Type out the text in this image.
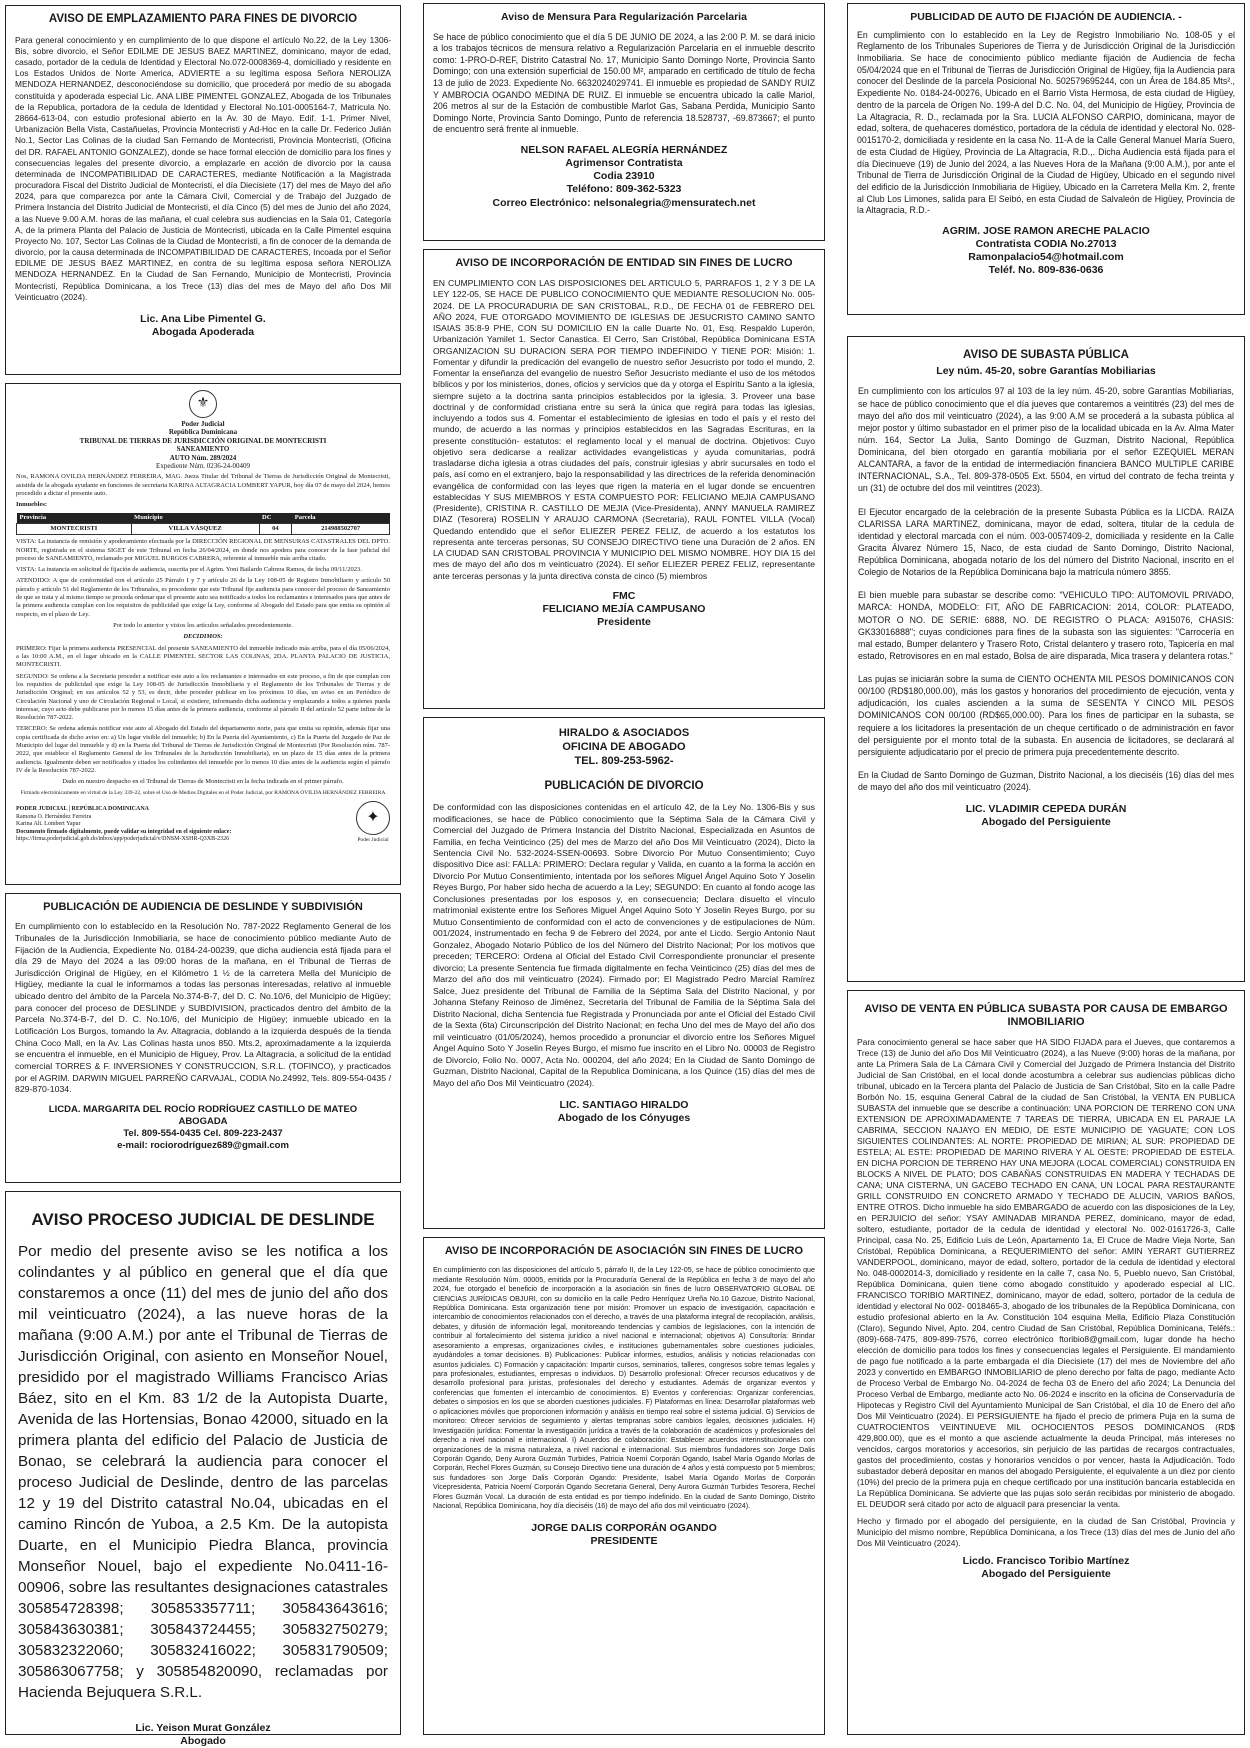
AVISO DE EMPLAZAMIENTO PARA FINES DE DIVORCIO

Para general conocimiento y en cumplimiento de lo que dispone el artículo No.22, de la Ley 1306-Bis, sobre divorcio, el Señor EDILME DE JESUS BAEZ MARTINEZ, dominicano, mayor de edad, casado, portador de la cedula de Identidad y Electoral No.072-0008369-4, domiciliado y residente en Los Estados Unidos de Norte America, ADVIERTE a su legítima esposa Señora NEROLIZA MENDOZA HERNANDEZ, desconociéndose su domicilio, que procederá por medio de su abogada constituida y apoderada especial Lic. ANA LIBE PIMENTEL GONZALEZ, Abogada de los Tribunales de la Republica, portadora de la cedula de Identidad y Electoral No.101-0005164-7, Matricula No. 28664-613-04, con estudio profesional abierto en la Av. 30 de Mayo. Edif. 1-1. Primer Nivel, Urbanización Bella Vista, Castañuelas, Provincia Montecristi y Ad-Hoc en la calle Dr. Federico Julián No.1, Sector Las Colinas de la ciudad San Fernando de Montecristi, Provincia Montecristi, (Oficina del DR. RAFAEL ANTONIO GONZALEZ), donde se hace formal elección de domicilio para los fines y consecuencias legales del presente divorcio, a emplazarle en acción de divorcio por la causa determinada de INCOMPATIBILIDAD DE CARACTERES, mediante Notificación a la Magistrada procuradora Fiscal del Distrito Judicial de Montecristi, el día Diecisiete (17) del mes de Mayo del año 2024, para que comparezca por ante la Cámara Civil, Comercial y de Trabajo del Juzgado de Primera Instancia del Distrito Judicial de Montecristi, el día Cinco (5) del mes de Junio del año 2024, a las Nueve 9.00 A.M. horas de las mañana, el cual celebra sus audiencias en la Sala 01, Categoría A, de la primera Planta del Palacio de Justicia de Montecristi, ubicada en la Calle Pimentel esquina Proyecto No. 107, Sector Las Colinas de la Ciudad de Montecristi, a fin de conocer de la demanda de divorcio, por la causa determinada de INCOMPATIBILIDAD DE CARACTERES, Incoada por el Señor EDILME DE JESUS BAEZ MARTINEZ, en contra de su legítima esposa señora NEROLIZA MENDOZA HERNANDEZ. En la Ciudad de San Fernando, Municipio de Montecristi, Provincia Montecristi, República Dominicana, a los Trece (13) días del mes de Mayo del año Dos Mil Veinticuatro (2024).

Lic. Ana Libe Pimentel G.
Abogada Apoderada
⚜
Poder Judicial
República Dominicana
TRIBUNAL DE TIERRAS DE JURISDICCIÓN ORIGINAL DE MONTECRISTI
SANEAMIENTO
AUTO Núm. 289/2024
Expediente Núm. 0236-24-00409

Nos, RAMONA OVILDA HERNÁNDEZ FERREIRA, MAG. Jueza Titular del Tribunal de Tierras de Jurisdicción Original de Montecristi, asistida de la abogada ayudante en funciones de secretaria KARINA ALTAGRACIA LOMBERT YAPUR, hoy día 07 de mayo del 2024, hemos procedido a dictar el presente auto.

Inmuebles:

Provincia	Municipio	DC	Parcela
MONTECRISTI	VILLA VÁSQUEZ	04	214988502707

VISTA: La instancia de remisión y apoderamiento efectuada por la DIRECCIÓN REGIONAL DE MENSURAS CATASTRALES DEL DPTO. NORTE, registrada en el sistema SIGET de este Tribunal en fecha 26/04/2024, en donde nos apodera para conocer de la fase judicial del proceso de SANEAMIENTO, reclamado por MIGUEL BURGOS CABRERA, referente al inmueble más arriba citado.

VISTA: La instancia en solicitud de fijación de audiencia, suscrita por el Agrim. Yoni Bailardo Cabrera Ramos, de fecha 09/11/2023.

ATENDIDO: A que de conformidad con el artículo 25 Párrafo I y 7 y artículo 26 de la Ley 108-05 de Registro Inmobiliario y artículo 50 párrafo y artículo 51 del Reglamento de los Tribunales, es procedente que este Tribunal fije audiencia para conocer del proceso de Saneamiento de que se trata y al mismo tiempo se proceda ordenar que el presente auto sea notificado a todos los reclamantes e interesados para que antes de la primera audiencia cumplan con los requisitos de publicidad que exige la Ley, conforme al Abogado del Estado para que emita su opinión al respecto, en el plazo de Ley.

Por todo lo anterior y vistos los artículos señalados precedentemente.

DECIDIMOS:

PRIMERO: Fijar la primera audiencia PRESENCIAL del presente SANEAMIENTO del inmueble indicado más arriba, para el día 05/06/2024, a las 10:00 A.M., en el lugar ubicado en la CALLE PIMENTEL SECTOR LAS COLINAS, 2DA. PLANTA PALACIO DE JUSTICIA, MONTECRISTI.

SEGUNDO: Se ordena a la Secretaria proceder a notificar este auto a los reclamantes e interesados en este proceso, a fin de que cumplan con los requisitos de publicidad que exige la Ley 108-05 de Jurisdicción Inmobiliaria y el Reglamento de los Tribunales de Tierras y de Jurisdicción Original; en sus artículos 52 y 53, es decir, debe proceder publicar en los próximos 10 días, un aviso en un Periódico de Circulación Nacional y uno de Circulación Regional o Local, si existiere, informando dicha audiencia y emplazando a todos a quienes pueda interesar, cuyo acto debe publicarse por lo menos 15 días antes de la primera audiencia, conforme al párrafo II del artículo 52 parte infine de la Resolución 787-2022.

TERCERO: Se ordena además notificar este auto al Abogado del Estado del departamento norte, para que emita su opinión, además fijar una copia certificada de dicho aviso en: a) Un lugar visible del inmueble; b) En la Puerta del Ayuntamiento, c) En la Puerta del Juzgado de Paz de Municipio del lugar del inmueble y d) en la Puerta del Tribunal de Tierras de Jurisdicción Original de Montecristi (Por Resolución núm. 787-2022, que establece el Reglamento General de los Tribunales de la Jurisdicción Inmobiliaria), en un plazo de 15 días antes de la primera audiencia. Igualmente deben ser notificados y citados los colindantes del inmueble por lo menos 10 días antes de la audiencia según el párrafo IV de la Resolución 787-2022.

Dado en nuestro despacho en el Tribunal de Tierras de Montecristi en la fecha indicada en el primer párrafo.

Firmado electrónicamente en virtud de la Ley 339-22, sobre el Uso de Medios Digitales en el Poder Judicial, por RAMONA OVILDA HERNÁNDEZ FERREIRA

PODER JUDICIAL | REPÚBLICA DOMINICANA
Ramona O. Hernández Ferreira
Karina Alt. Lombert Yapur
Documento firmado digitalmente, puede validar su integridad en el siguiente enlace:
https://firma.poderjudicial.gob.do/inbox/app/poderjudicial/v/DNSM-XSHR-Q3XB-2326
✦
Poder Judicial
PUBLICACIÓN DE AUDIENCIA DE DESLINDE Y SUBDIVISIÓN

En cumplimiento con lo establecido en la Resolución No. 787-2022 Reglamento General de los Tribunales de la Jurisdicción Inmobiliaria, se hace de conocimiento público mediante Auto de Fijación de la Audiencia, Expediente No. 0184-24-00239, que dicha audiencia está fijada para el día 29 de Mayo del 2024 a las 09:00 horas de la mañana, en el Tribunal de Tierras de Jurisdicción Original de Higüey, en el Kilómetro 1 ½ de la carretera Mella del Municipio de Higüey, mediante la cual le informamos a todas las personas interesadas, relativo al inmueble ubicado dentro del ámbito de la Parcela No.374-B-7, del D. C. No.10/6, del Municipio de Higüey; para conocer del proceso de DESLINDE y SUBDIVISION, practicados dentro del ámbito de la Parcela No.374-B-7, del D. C. No.10/6, del Municipio de Higüey; inmueble ubicado en la Lotificación Los Burgos, tomando la Av. Altagracia, doblando a la izquierda después de la tienda China Coco Mall, en la Av. Las Colinas hasta unos 850. Mts.2, aproximadamente a la izquierda se encuentra el inmueble, en el Municipio de Higuey, Prov. La Altagracia, a solicitud de la entidad comercial TORRES & F. INVERSIONES Y CONSTRUCCION, S.R.L. (TOFINCO), y practicados por el AGRIM. DARWIN MIGUEL PARREÑO CARVAJAL, CODIA No.24992, Tels. 809-554-0435 / 829-870-1034.

LICDA. MARGARITA DEL ROCÍO RODRÍGUEZ CASTILLO DE MATEO
ABOGADA
Tel. 809-554-0435 Cel. 809-223-2437
e-mail: rociorodriguez689@gmail.com
AVISO PROCESO JUDICIAL DE DESLINDE

Por medio del presente aviso se les notifica a los colindantes y al público en general que el día que constaremos a once (11) del mes de junio del año dos mil veinticuatro (2024), a las nueve horas de la mañana (9:00 A.M.) por ante el Tribunal de Tierras de Jurisdicción Original, con asiento en Monseñor Nouel, presidido por el magistrado Williams Francisco Arias Báez, sito en el Km. 83 1/2 de la Autopista Duarte, Avenida de las Hortensias, Bonao 42000, situado en la primera planta del edificio del Palacio de Justicia de Bonao, se celebrará la audiencia para conocer el proceso Judicial de Deslinde, dentro de las parcelas 12 y 19 del Distrito catastral No.04, ubicadas en el camino Rincón de Yuboa, a 2.5 Km. De la autopista Duarte, en el Municipio Piedra Blanca, provincia Monseñor Nouel, bajo el expediente No.0411-16-00906, sobre las resultantes designaciones catastrales 305854728398; 305853357711; 305843643616; 305843630381; 305843724455; 305832750279; 305832322060; 305832416022; 305831790509; 305863067758; y 305854820090, reclamadas por Hacienda Bejuquera S.R.L.

Lic. Yeison Murat González
Abogado
Aviso de Mensura Para Regularización Parcelaria

Se hace de público conocimiento que el día 5 DE JUNIO DE 2024, a las 2:00 P. M. se dará inicio a los trabajos técnicos de mensura relativo a Regularización Parcelaria en el inmueble descrito como: 1-PRO-D-REF, Distrito Catastral No. 17, Municipio Santo Domingo Norte, Provincia Santo Domingo; con una extensión superficial de 150.00 M², amparado en certificado de título de fecha 13 de julio de 2023. Expediente No. 6632024029741. El inmueble es propiedad de SANDY RUIZ Y AMBROCIA OGANDO MEDINA DE RUIZ. El inmueble se encuentra ubicado la calle Mariol, 206 metros al sur de la Estación de combustible Marlot Gas, Sabana Perdida, Municipio Santo Domingo Norte, Provincia Santo Domingo, Punto de referencia 18.528737, -69.873667; el punto de encuentro será frente al inmueble.

NELSON RAFAEL ALEGRÍA HERNÁNDEZ
Agrimensor Contratista
Codia 23910
Teléfono: 809-362-5323
Correo Electrónico: nelsonalegria@mensuratech.net
AVISO DE INCORPORACIÓN DE ENTIDAD SIN FINES DE LUCRO

EN CUMPLIMIENTO CON LAS DISPOSICIONES DEL ARTICULO 5, PARRAFOS 1, 2 Y 3 DE LA LEY 122-05, SE HACE DE PUBLICO CONOCIMIENTO QUE MEDIANTE RESOLUCION No. 005- 2024. DE LA PROCURADURIA DE SAN CRISTOBAL, R.D., DE FECHA 01 de FEBRERO DEL AÑO 2024, FUE OTORGADO MOVIMIENTO DE IGLESIAS DE JESUCRISTO CAMINO SANTO ISAIAS 35:8-9 PHE, CON SU DOMICILIO EN la calle Duarte No. 01, Esq. Respaldo Luperón, Urbanización Yamilet 1. Sector Canastica. El Cerro, San Cristóbal, República Dominicana ESTA ORGANIZACION SU DURACION SERA POR TIEMPO INDEFINIDO Y TIENE POR: Misión: 1. Fomentar y difundir la predicación del evangelio de nuestro señor Jesucristo por todo el mundo, 2. Fomentar la enseñanza del evangelio de nuestro Señor Jesucristo mediante el uso de los métodos bíblicos y por los ministerios, dones, oficios y servicios que da y otorga el Espíritu Santo a la iglesia, siempre sujeto a la doctrina santa principios establecidos por la iglesia. 3. Proveer una base doctrinal y de conformidad cristiana entre su será la única que regirá para todas las iglesias, incluyendo a todos sus 4. Fomentar el establecimiento de iglesias en todo el país y el resto del mundo, de acuerdo a las normas y principios establecidos en las Sagradas Escrituras, en la presente constitución- estatutos: el reglamento local y el manual de doctrina. Objetivos: Cuyo objetivo sera dedicarse a realizar actividades evangelisticas y ayuda comunitarias, podrá trasladarse dicha iglesia a otras ciudades del país, construir iglesias y abrir sucursales en todo el país, así como en el extranjero, bajo la responsabilidad y las directrices de la referida denominación evangélica de conformidad con las leyes que rigen la materia en el lugar donde se encuentren establecidas Y SUS MIEMBROS Y ESTA COMPUESTO POR: FELICIANO MEJIA CAMPUSANO (Presidente), CRISTINA R. CASTILLO DE MEJIA (Vice-Presidenta), ANNY MANUELA RAMIREZ DIAZ (Tesorera) ROSELIN Y ARAUJO CARMONA (Secretaria), RAUL FONTEL VILLA (Vocal) Quedando entendido que el señor ELIEZER PEREZ FELIZ, de acuerdo a los estatutos los representa ante terceras personas, SU CONSEJO DIRECTIVO tiene una Duración de 2 años. EN LA CIUDAD SAN CRISTOBAL PROVINCIA Y MUNICIPIO DEL MISMO NOMBRE. HOY DIA 15 del mes de mayo del año dos m veinticuatro (2024). El señor ELIEZER PEREZ FELIZ, representante ante terceras personas y la junta directiva consta de cinco (5) miembros

FMC
FELICIANO MEJÍA CAMPUSANO
Presidente
HIRALDO & ASOCIADOS
OFICINA DE ABOGADO
TEL. 809-253-5962-
PUBLICACIÓN DE DIVORCIO

De conformidad con las disposiciones contenidas en el artículo 42, de la Ley No. 1306-Bis y sus modificaciones, se hace de Público conocimiento que la Séptima Sala de la Cámara Civil y Comercial del Juzgado de Primera Instancia del Distrito Nacional, Especializada en Asuntos de Familia, en fecha Veinticinco (25) del mes de Marzo del año Dos Mil Veinticuatro (2024), Dicto la Sentencia Civil No. 532-2024-SSEN-00693. Sobre Divorcio Por Mutuo Consentimiento; Cuyo dispositivo Dice así: FALLA: PRIMERO: Declara regular y Valida, en cuanto a la forma la acción en Divorcio Por Mutuo Consentimiento, intentada por los señores Miguel Ángel Aquino Soto Y Joselin Reyes Burgo, Por haber sido hecha de acuerdo a la Ley; SEGUNDO: En cuanto al fondo acoge las Conclusiones presentadas por los esposos y, en consecuencia; Declara disuelto el vínculo matrimonial existente entre los Señores Miguel Ángel Aquino Soto Y Joselin Reyes Burgo, por su Mutuo Consentimiento de conformidad con el acto de convenciones y de estipulaciones de Núm. 001/2024, instrumentado en fecha 9 de Febrero del 2024, por ante el Licdo. Sergio Antonio Naut Gonzalez, Abogado Notario Público de los del Número del Distrito Nacional; Por los motivos que preceden; TERCERO: Ordena al Oficial del Estado Civil Correspondiente pronunciar el presente divorcio; La presente Sentencia fue firmada digitalmente en fecha Veinticinco (25) días del mes de Marzo del año dos mil veinticuatro (2024). Firmado por: El Magistrado Pedro Marcial Ramírez Salce, Juez presidente del Tribunal de Familia de la Séptima Sala del Distrito Nacional, y por Johanna Stefany Reinoso de Jiménez, Secretaria del Tribunal de Familia de la Séptima Sala del Distrito Nacional, dicha Sentencia fue Registrada y Pronunciada por ante el Oficial del Estado Civil de la Sexta (6ta) Circunscripción del Distrito Nacional; en fecha Uno del mes de Mayo del año dos mil veinticuatro (01/05/2024), hemos procedido a pronunciar el divorcio entre los Señores Miguel Ángel Aquino Soto Y Joselin Reyes Burgo, el mismo fue inscrito en el Libro No. 00003 de Registro de Divorcio, Folio No. 0007, Acta No. 000204, del año 2024; En la Ciudad de Santo Domingo de Guzman, Distrito Nacional, Capital de la Republica Dominicana, a los Quince (15) días del mes de Mayo del año Dos Mil Veinticuatro (2024).

LIC. SANTIAGO HIRALDO
Abogado de los Cónyuges
AVISO DE INCORPORACIÓN DE ASOCIACIÓN SIN FINES DE LUCRO

En cumplimiento con las disposiciones del artículo 5, párrafo II, de la Ley 122-05, se hace de público conocimiento que mediante Resolución Núm. 00005, emitida por la Procuraduría General de la República en fecha 3 de mayo del año 2024, fue otorgado el beneficio de incorporación a la asociación sin fines de lucro OBSERVATORIO GLOBAL DE CIENCIAS JURÍDICAS OBJURI, con su domicilio en la calle Pedro Henríquez Ureña No.10 Gazcue, Distrito Nacional, República Dominicana. Esta organización tiene por misión: Promover un espacio de investigación, capacitación e intercambio de conocimientos relacionados con el derecho, a través de una plataforma integral de recopilación, análisis, debates, y difusión de información legal, monitoreando tendencias y cambios de legislaciones, con la intención de contribuir al fortalecimiento del sistema jurídico a nivel nacional e internacional; objetivos A) Consultoría: Brindar asesoramiento a empresas, organizaciones civiles, e instituciones gubernamentales sobre cuestiones judiciales, ayudándoles a tomar decisiones. B) Publicaciones: Publicar informes, estudios, análisis y noticias relacionadas con asuntos judiciales. C) Formación y capacitación: Impartir cursos, seminarios, talleres, congresos sobre temas legales y para profesionales, estudiantes, empresas o individuos. D) Desarrollo profesional: Ofrecer recursos educativos y de desarrollo profesional para juristas, profesionales del derecho y estudiantes. Además de organizar eventos y conferencias que fomenten el intercambio de conocimientos. E) Eventos y conferencias: Organizar conferencias, debates o simposios en los que se aborden cuestiones judiciales. F) Plataformas en línea: Desarrollar plataformas web o aplicaciones móviles que proporcionen información y análisis en tiempo real sobre el sistema judicial. G) Servicios de monitoreo: Ofrecer servicios de seguimiento y alertas tempranas sobre cambios legales, decisiones judiciales. H) Investigación jurídica: Fomentar la investigación jurídica a través de la colaboración de académicos y profesionales del derecho a nivel nacional e internacional. I) Acuerdos de colaboración: Establecer acuerdos interinstitucionales con organizaciones de la misma naturaleza, a nivel nacional e internacional. Sus miembros fundadores son Jorge Dalis Corporán Ogando, Deny Aurora Guzmán Turbides, Patricia Noemí Corporán Ogando, Isabel María Ogando Morlas de Corporán, Rechel Flores Guzmán, su Consejo Directivo tiene una duración de 4 años y está compuesto por 5 miembros; sus fundadores son Jorge Dalis Corporán Ogando: Presidente, Isabel María Ogando Morlas de Corporán Vicepresidenta, Patricia Noemí Corporán Ogando Secretaria General, Deny Aurora Guzmán Turbides Tesorera, Rechel Flores Guzmán Vocal. La duración de esta entidad es por tiempo indefinido. En la ciudad de Santo Domingo, Distrito Nacional, República Dominicana, hoy día dieciséis (16) de mayo del año dos mil veinticuatro (2024).

JORGE DALIS CORPORÁN OGANDO
PRESIDENTE
PUBLICIDAD DE AUTO DE FIJACIÓN DE AUDIENCIA. -

En cumplimiento con lo establecido en la Ley de Registro Inmobiliario No. 108-05 y el Reglamento de los Tribunales Superiores de Tierra y de Jurisdicción Original de la Jurisdicción Inmobiliaria. Se hace de conocimiento público mediante fijación de Audiencia de fecha 05/04/2024 que en el Tribunal de Tierras de Jurisdicción Original de Higüey, fija la Audiencia para conocer del Deslinde de la parcela Posicional No. 502579695244, con un Área de 184.85 Mts²., Expediente No. 0184-24-00276, Ubicado en el Barrio Vista Hermosa, de esta ciudad de Higüey, dentro de la parcela de Origen No. 199-A del D.C. No. 04, del Municipio de Higüey, Provincia de La Altagracia, R. D., reclamada por la Sra. LUCIA ALFONSO CARPIO, dominicana, mayor de edad, soltera, de quehaceres doméstico, portadora de la cédula de identidad y electoral No. 028-0015170-2, domiciliada y residente en la casa No. 11-A de la Calle General Manuel María Suero, de esta Ciudad de Higüey, Provincia de La Altagracia, R.D.,. Dicha Audiencia está fijada para el día Diecinueve (19) de Junio del 2024, a las Nueves Hora de la Mañana (9:00 A.M.), por ante el Tribunal de Tierra de Jurisdicción Original de la Ciudad de Higüey, Ubicado en el segundo nivel del edificio de la Jurisdicción Inmobiliaria de Higüey, Ubicado en la Carretera Mella Km. 2, frente al Club Los Limones, salida para El Seibó, en esta Ciudad de Salvaleón de Higüey, Provincia de la Altagracia, R.D.-

AGRIM. JOSE RAMON ARECHE PALACIO
Contratista CODIA No.27013
Ramonpalacio54@hotmail.com
Teléf. No. 809-836-0636
AVISO DE SUBASTA PÚBLICA
Ley núm. 45-20, sobre Garantías Mobiliarias

En cumplimiento con los artículos 97 al 103 de la ley núm. 45-20, sobre Garantías Mobiliarias, se hace de público conocimiento que el día jueves que contaremos a veintitrés (23) del mes de mayo del año dos mil veinticuatro (2024), a las 9:00 A.M se procederá a la subasta pública al mejor postor y último subastador en el primer piso de la localidad ubicada en la Av. Alma Mater núm. 164, Sector La Julia, Santo Domingo de Guzman, Distrito Nacional, República Dominicana, del bien otorgado en garantía mobiliaria por el señor EZEQUIEL MERAN ALCANTARA, a favor de la entidad de intermediación financiera BANCO MULTIPLE CARIBE INTERNACIONAL, S.A., Tel. 809-378-0505 Ext. 5504, en virtud del contrato de fecha treinta y un (31) de octubre del dos mil veintitres (2023).

El Ejecutor encargado de la celebración de la presente Subasta Pública es la LICDA. RAIZA CLARISSA LARA MARTINEZ, dominicana, mayor de edad, soltera, titular de la cedula de identidad y electoral marcada con el núm. 003-0057409-2, domiciliada y residente en la Calle Gracita Álvarez Número 15, Naco, de esta ciudad de Santo Domingo, Distrito Nacional, República Dominicana, abogada notario de los del número del Distrito Nacional, inscrito en el Colegio de Notarios de la República Dominicana bajo la matrícula número 3855.

El bien mueble para subastar se describe como: "VEHICULO TIPO: AUTOMOVIL PRIVADO, MARCA: HONDA, MODELO: FIT, AÑO DE FABRICACION: 2014, COLOR: PLATEADO, MOTOR O NO. DE SERIE: 6888, NO. DE REGISTRO O PLACA: A915076, CHASIS: GK33016888"; cuyas condiciones para fines de la subasta son las siguientes: "Carrocería en mal estado, Bumper delantero y Trasero Roto, Cristal delantero y trasero roto, Tapicería en mal estado, Retrovisores en en mal estado, Bolsa de aire disparada, Mica trasera y delantera rotas."

Las pujas se iniciarán sobre la suma de CIENTO OCHENTA MIL PESOS DOMINICANOS CON 00/100 (RD$180,000.00), más los gastos y honorarios del procedimiento de ejecución, venta y adjudicación, los cuales ascienden a la suma de SESENTA Y CINCO MIL PESOS DOMINICANOS CON 00/100 (RD$65,000.00). Para los fines de participar en la subasta, se requiere a los licitadores la presentación de un cheque certificado o de administración en favor del persiguiente por el monto total de la subasta. En ausencia de licitadores, se declarará al persiguiente adjudicatario por el precio de primera puja precedentemente descrito.

En la Ciudad de Santo Domingo de Guzman, Distrito Nacional, a los dieciséis (16) días del mes de mayo del año dos mil veinticuatro (2024).

LIC. VLADIMIR CEPEDA DURÁN
Abogado del Persiguiente
AVISO DE VENTA EN PÚBLICA SUBASTA POR CAUSA DE EMBARGO INMOBILIARIO

Para conocimiento general se hace saber que HA SIDO FIJADA para el Jueves, que contaremos a Trece (13) de Junio del año Dos Mil Veinticuatro (2024), a las Nueve (9:00) horas de la mañana, por ante La Primera Sala de La Cámara Civil y Comercial del Juzgado de Primera Instancia del Distrito Judicial de San Cristóbal, en el local donde acostumbra a celebrar sus audiencias públicas dicho tribunal, ubicado en la Tercera planta del Palacio de Justicia de San Cristóbal, Sito en la calle Padre Borbón No. 15, esquina General Cabral de la ciudad de San Cristóbal, la VENTA EN PUBLICA SUBASTA del inmueble que se describe a continuación: UNA PORCION DE TERRENO CON UNA EXTENSION DE APROXIMADAMENTE 7 TAREAS DE TIERRA, UBICADA EN EL PARAJE LA CABRIMA, SECCION NAJAYO EN MEDIO, DE ESTE MUNICIPIO DE YAGUATE; CON LOS SIGUIENTES COLINDANTES: AL NORTE: PROPIEDAD DE MIRIAN; AL SUR: PROPIEDAD DE ESTELA; AL ESTE: PROPIEDAD DE MARINO RIVERA Y AL OESTE: PROPIEDAD DE ESTELA. EN DICHA PORCION DE TERRENO HAY UNA MEJORA (LOCAL COMERCIAL) CONSTRUIDA EN BLOCKS A NIVEL DE PLATO; DOS CABAÑAS CONSTRUIDAS EN MADERA Y TECHADAS DE CANA; UNA CISTERNA, UN GACEBO TECHADO EN CANA, UN LOCAL PARA RESTAURANTE GRILL CONSTRUIDO EN CONCRETO ARMADO Y TECHADO DE ALUCIN, VARIOS BAÑOS, ENTRE OTROS. Dicho inmueble ha sido EMBARGADO de acuerdo con las disposiciones de la Ley, en PERJUICIO del señor: YSAY AMINADAB MIRANDA PEREZ, dominicano, mayor de edad, soltero, estudiante, portador de la cedula de identidad y electoral No. 002-0161726-3, Calle Principal, casa No. 25, Edificio Luis de León, Apartamento 1a, El Cruce de Madre Vieja Norte, San Cristóbal, República Dominicana, a REQUERIMIENTO del señor: AMIN YERART GUTIERREZ VANDERPOOL, dominicano, mayor de edad, soltero, portador de la cedula de identidad y electoral No. 048-0002014-3, domiciliado y residente en la calle 7, casa No. 5, Pueblo nuevo, San Cristóbal, República Dominicana, quien tiene como abogado constituido y apoderado especial al LIC. FRANCISCO TORIBIO MARTINEZ, dominicano, mayor de edad, soltero, portador de la cedula de identidad y electoral No 002- 0018465-3, abogado de los tribunales de la República Dominicana, con estudio profesional abierto en la Av. Constitución 104 esquina Mella, Edificio Plaza Constitución (Claro), Segundo Nivel, Apto. 204, centro Ciudad de San Cristóbal, República Dominicana, Teléfs.: (809)-668-7475, 809-899-7576, correo electrónico ftoribio8@gmail.com, lugar donde ha hecho elección de domicilio para todos los fines y consecuencias legales el Persiguiente. El mandamiento de pago fue notificado a la parte embargada el día Diecisiete (17) del mes de Noviembre del año 2023 y convertido en EMBARGO INMOBILIARIO de pleno derecho por falta de pago, mediante Acto de Proceso Verbal de Embargo No. 04-2024 de fecha 03 de Enero del año 2024; La Denuncia del Proceso Verbal de Embargo, mediante acto No. 06-2024 e inscrito en la oficina de Conservaduría de Hipotecas y Registro Civil del Ayuntamiento Municipal de San Cristóbal, el día 10 de Enero del año Dos Mil Veinticuatro (2024). El PERSIGUIENTE ha fijado el precio de primera Puja en la suma de CUATROCIENTOS VEINTINUEVE MIL OCHOCIENTOS PESOS DOMINICANOS (RD$ 429,800.00), que es el monto a que asciende actualmente la deuda Principal, más intereses no vencidos, cargos moratorios y accesorios, sin perjuicio de las partidas de recargos contractuales, gastos del procedimiento, costas y honorarios vencidos o por vencer, hasta la Adjudicación. Todo subastador deberá depositar en manos del abogado Persiguiente, el equivalente a un diez por ciento (10%) del precio de la primera puja en cheque certificado por una institución bancaria establecida en La República Dominicana. Se advierte que las pujas solo serán recibidas por ministerio de abogado. EL DEUDOR será citado por acto de alguacil para presenciar la venta.

Hecho y firmado por el abogado del persiguiente, en la ciudad de San Cristóbal, Provincia y Municipio del mismo nombre, República Dominicana, a los Trece (13) días del mes de Junio del año Dos Mil Veinticuatro (2024).

Licdo. Francisco Toribio Martínez
Abogado del Persiguiente
